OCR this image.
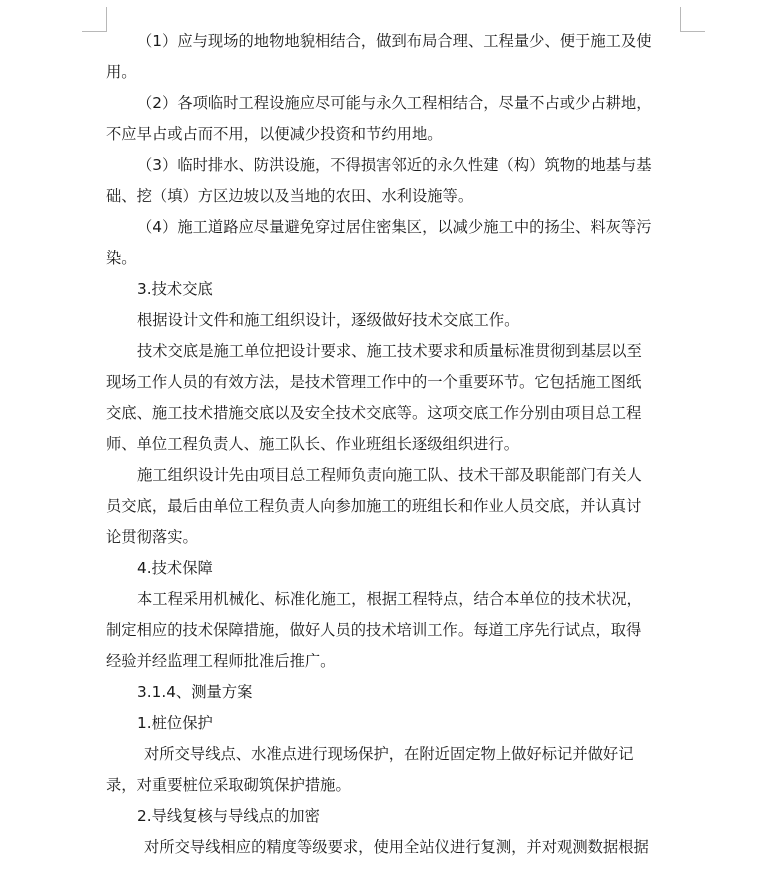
（1）应与现场的地物地貌相结合，做到布局合理、工程量少、便于施工及使
用。
（2）各项临时工程设施应尽可能与永久工程相结合，尽量不占或少占耕地，
不应早占或占而不用，以便减少投资和节约用地。
（3）临时排水、防洪设施，不得损害邻近的永久性建（构）筑物的地基与基
础、挖（填）方区边坡以及当地的农田、水利设施等。
（4）施工道路应尽量避免穿过居住密集区，以减少施工中的扬尘、料灰等污
染。
3.技术交底
根据设计文件和施工组织设计，逐级做好技术交底工作。
技术交底是施工单位把设计要求、施工技术要求和质量标准贯彻到基层以至
现场工作人员的有效方法，是技术管理工作中的一个重要环节。它包括施工图纸
交底、施工技术措施交底以及安全技术交底等。这项交底工作分别由项目总工程
师、单位工程负责人、施工队长、作业班组长逐级组织进行。
施工组织设计先由项目总工程师负责向施工队、技术干部及职能部门有关人
员交底，最后由单位工程负责人向参加施工的班组长和作业人员交底，并认真讨
论贯彻落实。
4.技术保障
本工程采用机械化、标准化施工，根据工程特点，结合本单位的技术状况，
制定相应的技术保障措施，做好人员的技术培训工作。每道工序先行试点，取得
经验并经监理工程师批准后推广。
3.1.4、测量方案
1.桩位保护
对所交导线点、水准点进行现场保护，在附近固定物上做好标记并做好记
录，对重要桩位采取砌筑保护措施。
2.导线复核与导线点的加密
对所交导线相应的精度等级要求，使用全站仪进行复测，并对观测数据根据
